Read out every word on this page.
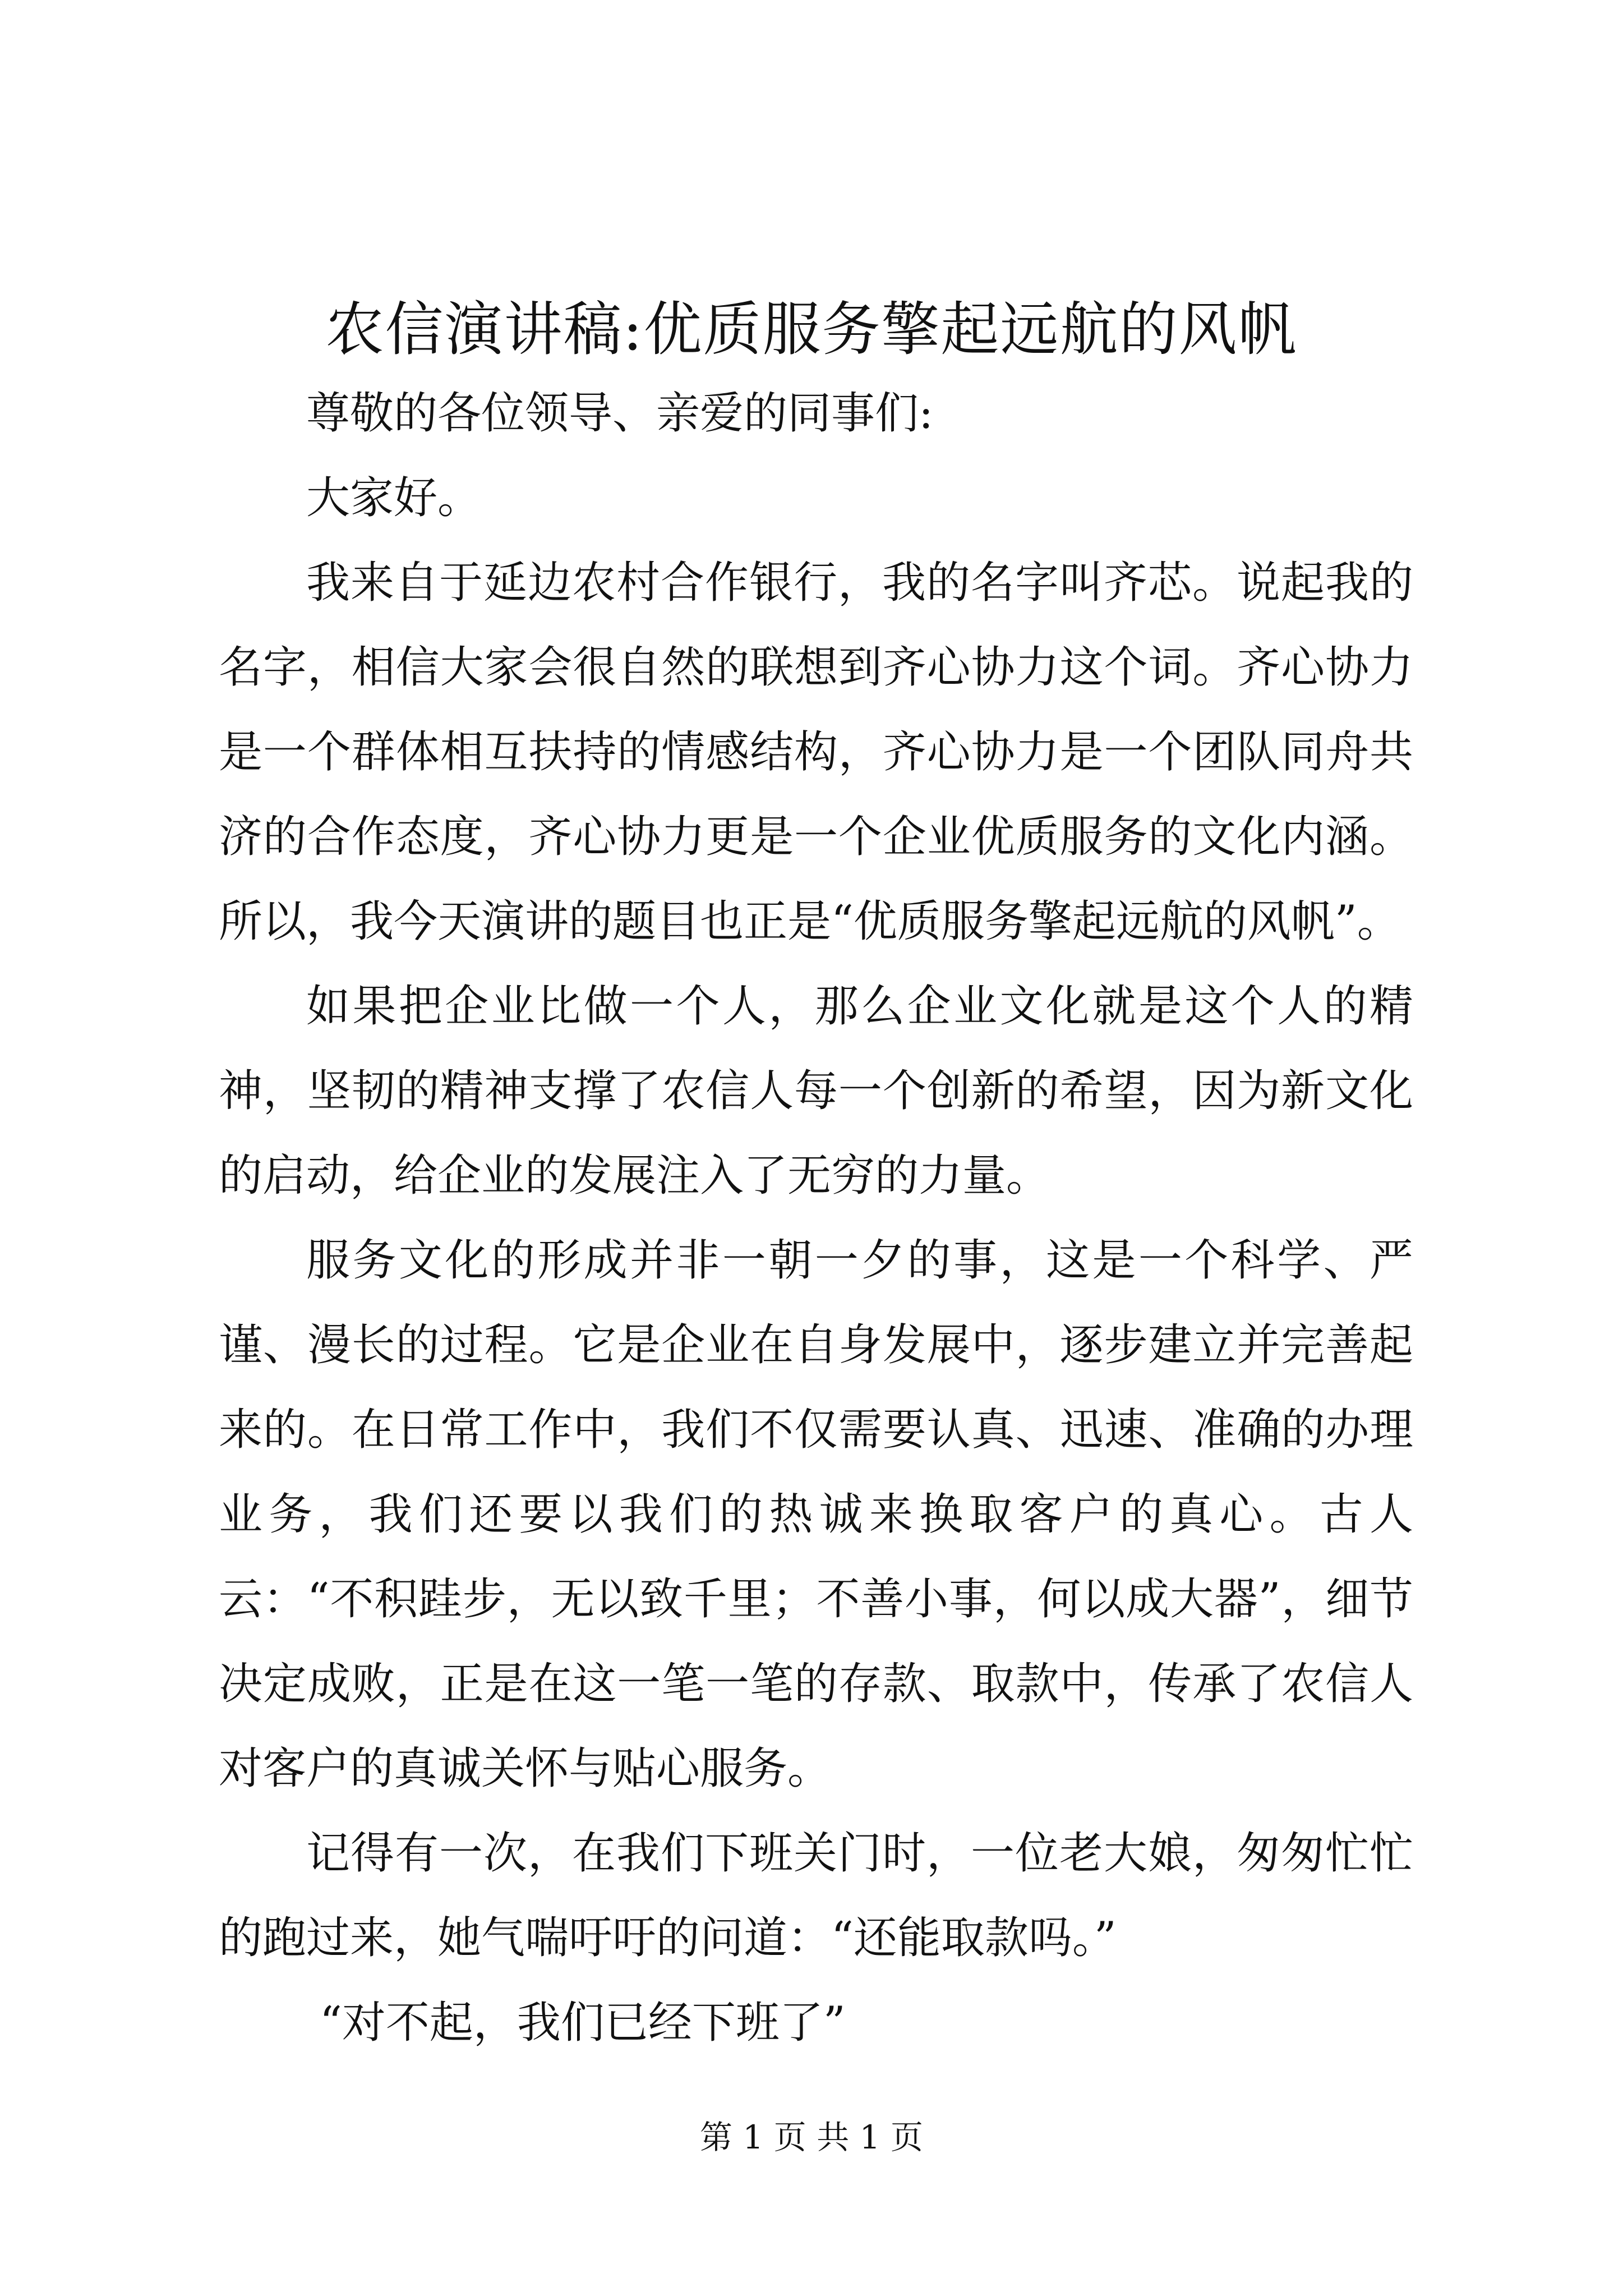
农信演讲稿:优质服务擎起远航的风帆

尊敬的各位领导、亲爱的同事们:

大家好。

我来自于延边农村合作银行，我的名字叫齐芯。说起我的名字，相信大家会很自然的联想到齐心协力这个词。齐心协力是一个群体相互扶持的情感结构，齐心协力是一个团队同舟共济的合作态度，齐心协力更是一个企业优质服务的文化内涵。所以，我今天演讲的题目也正是“优质服务擎起远航的风帆”。

如果把企业比做一个人，那么企业文化就是这个人的精神，坚韧的精神支撑了农信人每一个创新的希望，因为新文化的启动，给企业的发展注入了无穷的力量。

服务文化的形成并非一朝一夕的事，这是一个科学、严谨、漫长的过程。它是企业在自身发展中，逐步建立并完善起来的。在日常工作中，我们不仅需要认真、迅速、准确的办理业务，我们还要以我们的热诚来换取客户的真心。古人云：“不积跬步，无以致千里；不善小事，何以成大器”，细节决定成败，正是在这一笔一笔的存款、取款中，传承了农信人对客户的真诚关怀与贴心服务。

记得有一次，在我们下班关门时，一位老大娘，匆匆忙忙的跑过来，她气喘吁吁的问道：“还能取款吗。”

“对不起，我们已经下班了”

第 1 页 共 1 页
